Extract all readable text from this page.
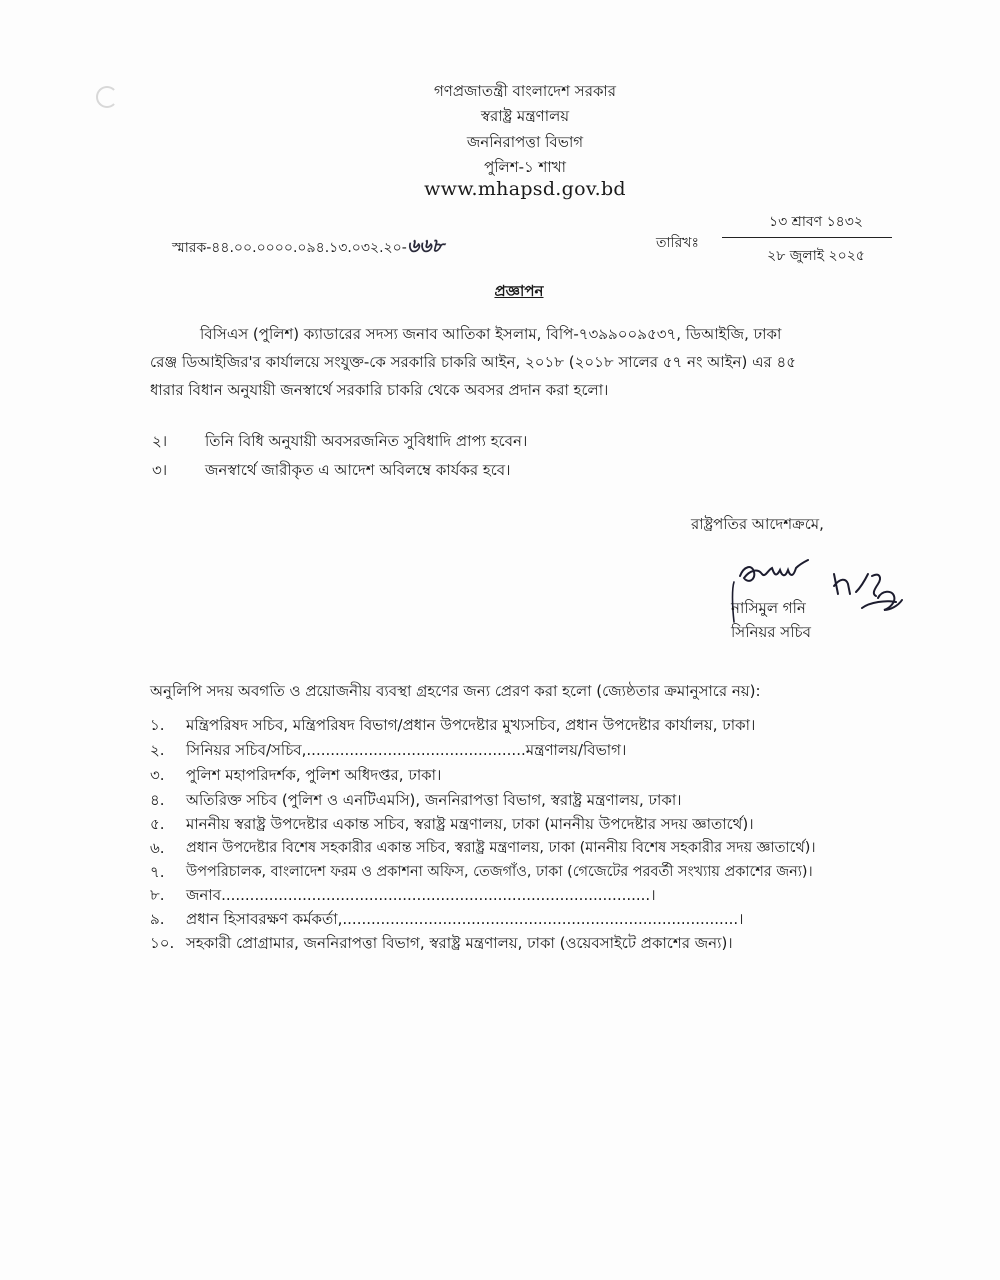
গণপ্রজাতন্ত্রী বাংলাদেশ সরকার
স্বরাষ্ট্র মন্ত্রণালয়
জননিরাপত্তা বিভাগ
পুলিশ-১ শাখা
www.mhapsd.gov.bd
স্মারক-৪৪.০০.০০০০.০৯৪.১৩.০৩২.২০-৬৬৮	তারিখঃ
১৩ শ্রাবণ ১৪৩২
২৮ জুলাই ২০২৫
প্রজ্ঞাপন
বিসিএস (পুলিশ) ক্যাডারের সদস্য জনাব আতিকা ইসলাম, বিপি-৭৩৯৯০০৯৫৩৭, ডিআইজি, ঢাকা
রেঞ্জ ডিআইজির'র কার্যালয়ে সংযুক্ত-কে সরকারি চাকরি আইন, ২০১৮ (২০১৮ সালের ৫৭ নং আইন) এর ৪৫
ধারার বিধান অনুযায়ী জনস্বার্থে সরকারি চাকরি থেকে অবসর প্রদান করা হলো।
২।	তিনি বিধি অনুযায়ী অবসরজনিত সুবিধাদি প্রাপ্য হবেন।
৩।	জনস্বার্থে জারীকৃত এ আদেশ অবিলম্বে কার্যকর হবে।
রাষ্ট্রপতির আদেশক্রমে,
নাসিমুল গনি
সিনিয়র সচিব
অনুলিপি সদয় অবগতি ও প্রয়োজনীয় ব্যবস্থা গ্রহণের জন্য প্রেরণ করা হলো (জ্যেষ্ঠতার ক্রমানুসারে নয়):
১. মন্ত্রিপরিষদ সচিব, মন্ত্রিপরিষদ বিভাগ/প্রধান উপদেষ্টার মুখ্যসচিব, প্রধান উপদেষ্টার কার্যালয়, ঢাকা।
২. সিনিয়র সচিব/সচিব,..............................................মন্ত্রণালয়/বিভাগ।
৩. পুলিশ মহাপরিদর্শক, পুলিশ অধিদপ্তর, ঢাকা।
৪. অতিরিক্ত সচিব (পুলিশ ও এনটিএমসি), জননিরাপত্তা বিভাগ, স্বরাষ্ট্র মন্ত্রণালয়, ঢাকা।
৫. মাননীয় স্বরাষ্ট্র উপদেষ্টার একান্ত সচিব, স্বরাষ্ট্র মন্ত্রণালয়, ঢাকা (মাননীয় উপদেষ্টার সদয় জ্ঞাতার্থে)।
৬. প্রধান উপদেষ্টার বিশেষ সহকারীর একান্ত সচিব, স্বরাষ্ট্র মন্ত্রণালয়, ঢাকা (মাননীয় বিশেষ সহকারীর সদয় জ্ঞাতার্থে)।
৭. উপপরিচালক, বাংলাদেশ ফরম ও প্রকাশনা অফিস, তেজগাঁও, ঢাকা (গেজেটের পরবর্তী সংখ্যায় প্রকাশের জন্য)।
৮. জনাব..........................................................................................।
৯. প্রধান হিসাবরক্ষণ কর্মকর্তা,...................................................................................।
১০. সহকারী প্রোগ্রামার, জননিরাপত্তা বিভাগ, স্বরাষ্ট্র মন্ত্রণালয়, ঢাকা (ওয়েবসাইটে প্রকাশের জন্য)।
